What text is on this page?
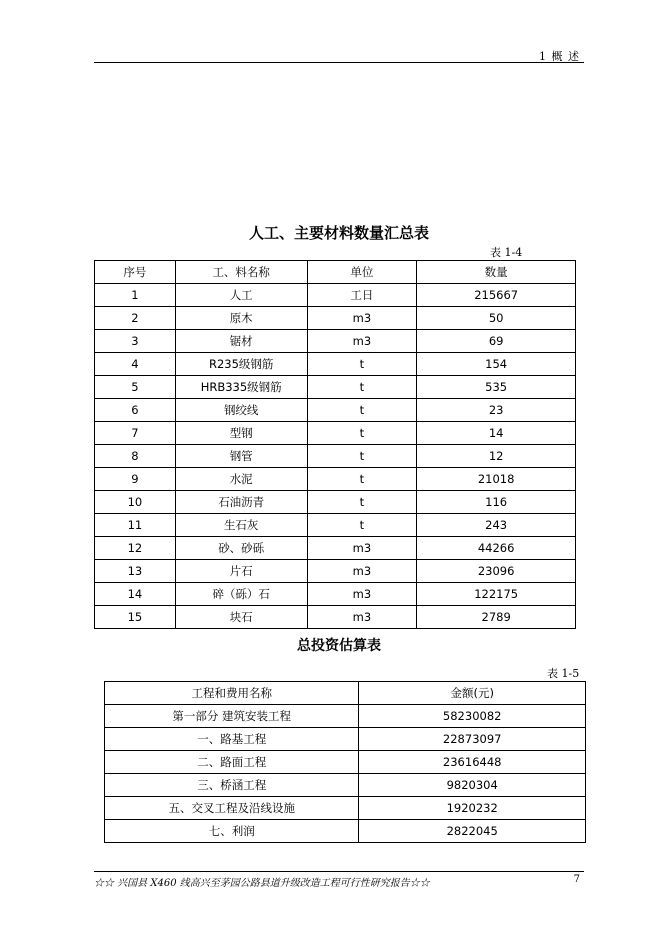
1 概 述
人工、主要材料数量汇总表
表 1-4
序号	工、料名称	单位	数量
1	人工	工日	215667
2	原木	m3	50
3	锯材	m3	69
4	R235级钢筋	t	154
5	HRB335级钢筋	t	535
6	钢绞线	t	23
7	型钢	t	14
8	钢管	t	12
9	水泥	t	21018
10	石油沥青	t	116
11	生石灰	t	243
12	砂、砂砾	m3	44266
13	片石	m3	23096
14	碎（砾）石	m3	122175
15	块石	m3	2789
总投资估算表
表 1-5
工程和费用名称	金额(元)
第一部分 建筑安装工程	58230082
一、路基工程	22873097
二、路面工程	23616448
三、桥涵工程	9820304
五、交叉工程及沿线设施	1920232
七、利润	2822045
☆☆ 兴国县 X460 线高兴至茅园公路县道升级改造工程可行性研究报告☆☆	7
